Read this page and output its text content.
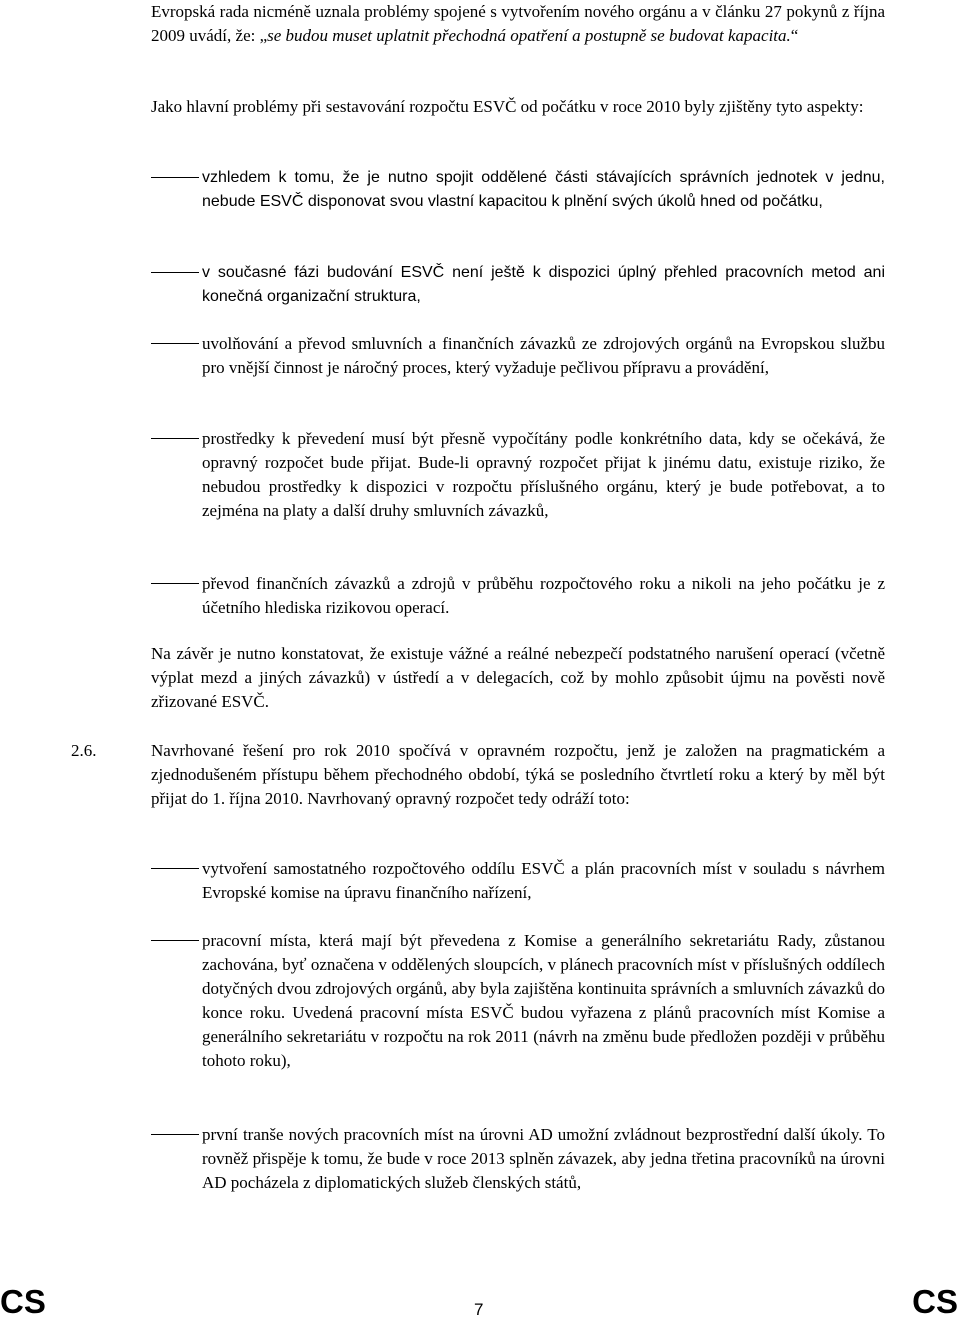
Evropská rada nicméně uznala problémy spojené s vytvořením nového orgánu a v článku 27 pokynů z října 2009 uvádí, že: „se budou muset uplatnit přechodná opatření a postupně se budovat kapacita.“

Jako hlavní problémy při sestavování rozpočtu ESVČ od počátku v roce 2010 byly zjištěny tyto aspekty:

vzhledem k tomu, že je nutno spojit oddělené části stávajících správních jednotek v jednu, nebude ESVČ disponovat svou vlastní kapacitou k plnění svých úkolů hned od počátku,

v současné fázi budování ESVČ není ještě k dispozici úplný přehled pracovních metod ani konečná organizační struktura,

uvolňování a převod smluvních a finančních závazků ze zdrojových orgánů na Evropskou službu pro vnější činnost je náročný proces, který vyžaduje pečlivou přípravu a provádění,

prostředky k převedení musí být přesně vypočítány podle konkrétního data, kdy se očekává, že opravný rozpočet bude přijat. Bude-li opravný rozpočet přijat k jinému datu, existuje riziko, že nebudou prostředky k dispozici v rozpočtu příslušného orgánu, který je bude potřebovat, a to zejména na platy a další druhy smluvních závazků,

převod finančních závazků a zdrojů v průběhu rozpočtového roku a nikoli na jeho počátku je z účetního hlediska rizikovou operací.

Na závěr je nutno konstatovat, že existuje vážné a reálné nebezpečí podstatného narušení operací (včetně výplat mezd a jiných závazků) v ústředí a v delegacích, což by mohlo způsobit újmu na pověsti nově zřizované ESVČ.

2.6.	Navrhované řešení pro rok 2010 spočívá v opravném rozpočtu, jenž je založen na pragmatickém a zjednodušeném přístupu během přechodného období, týká se posledního čtvrtletí roku a který by měl být přijat do 1. října 2010. Navrhovaný opravný rozpočet tedy odráží toto:

vytvoření samostatného rozpočtového oddílu ESVČ a plán pracovních míst v souladu s návrhem Evropské komise na úpravu finančního nařízení,

pracovní místa, která mají být převedena z Komise a generálního sekretariátu Rady, zůstanou zachována, byť označena v oddělených sloupcích, v plánech pracovních míst v příslušných oddílech dotyčných dvou zdrojových orgánů, aby byla zajištěna kontinuita správních a smluvních závazků do konce roku. Uvedená pracovní místa ESVČ budou vyřazena z plánů pracovních míst Komise a generálního sekretariátu v rozpočtu na rok 2011 (návrh na změnu bude předložen později v průběhu tohoto roku),

první tranše nových pracovních míst na úrovni AD umožní zvládnout bezprostřední další úkoly. To rovněž přispěje k tomu, že bude v roce 2013 splněn závazek, aby jedna třetina pracovníků na úrovni AD pocházela z diplomatických služeb členských států,

CS	7	CS
